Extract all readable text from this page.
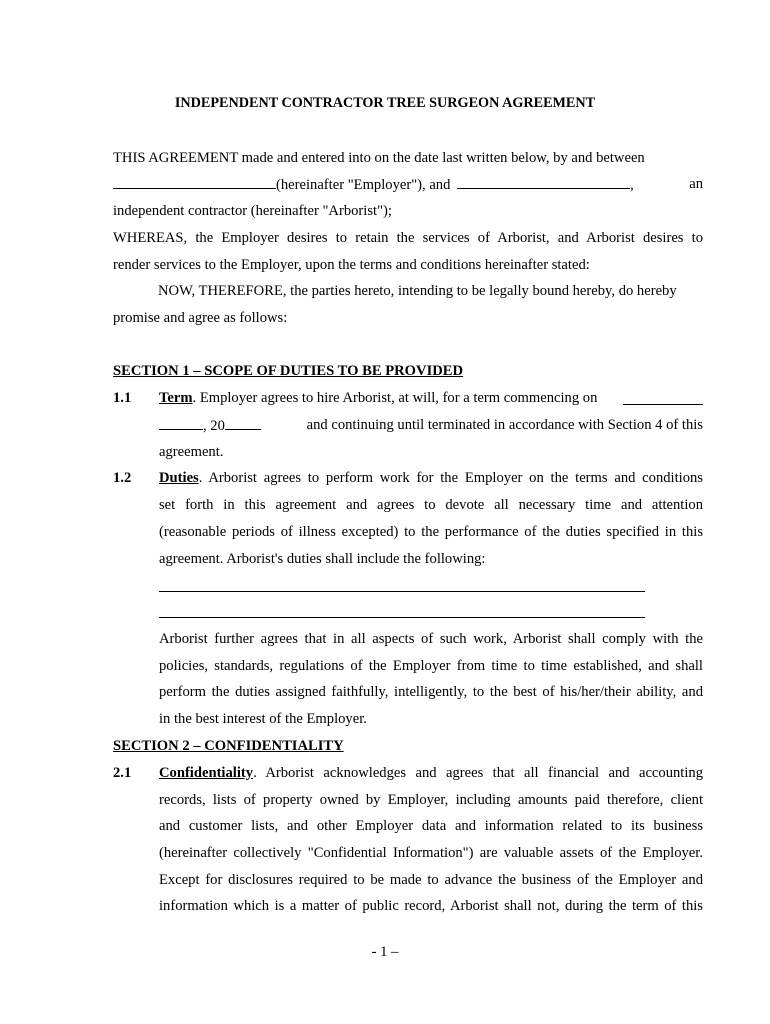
INDEPENDENT CONTRACTOR TREE SURGEON AGREEMENT
THIS AGREEMENT made and entered into on the date last written below, by and between
(hereinafter "Employer"), and	,	an
independent contractor (hereinafter "Arborist");
WHEREAS, the Employer desires to retain the services of Arborist, and Arborist desires to
render services to the Employer, upon the terms and conditions hereinafter stated:
NOW, THEREFORE, the parties hereto, intending to be legally bound hereby, do hereby
promise and agree as follows:
SECTION 1 – SCOPE OF DUTIES TO BE PROVIDED
1.1 Term. Employer agrees to hire Arborist, at will, for a term commencing on
, 20	and continuing until terminated in accordance with Section 4 of this
agreement.
1.2 Duties. Arborist agrees to perform work for the Employer on the terms and conditions
set forth in this agreement and agrees to devote all necessary time and attention
(reasonable periods of illness excepted) to the performance of the duties specified in this
agreement. Arborist's duties shall include the following:
Arborist further agrees that in all aspects of such work, Arborist shall comply with the
policies, standards, regulations of the Employer from time to time established, and shall
perform the duties assigned faithfully, intelligently, to the best of his/her/their ability, and
in the best interest of the Employer.
SECTION 2 – CONFIDENTIALITY
2.1 Confidentiality. Arborist acknowledges and agrees that all financial and accounting
records, lists of property owned by Employer, including amounts paid therefore, client
and customer lists, and other Employer data and information related to its business
(hereinafter collectively "Confidential Information") are valuable assets of the Employer.
Except for disclosures required to be made to advance the business of the Employer and
information which is a matter of public record, Arborist shall not, during the term of this
- 1 –
